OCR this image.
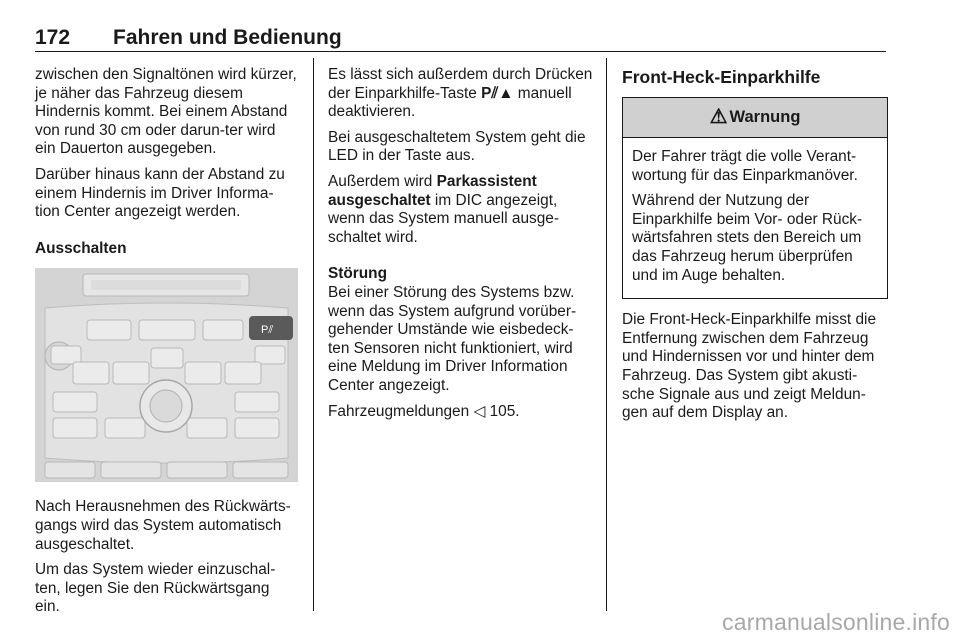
172 Fahren und Bedienung

zwischen den Signaltönen wird kürzer, je näher das Fahrzeug diesem Hindernis kommt. Bei einem Abstand von rund 30 cm oder darun-ter wird ein Dauerton ausgegeben.

Darüber hinaus kann der Abstand zu einem Hindernis im Driver Informa-tion Center angezeigt werden.

Ausschalten

P⫽

Nach Herausnehmen des Rückwärts-gangs wird das System automatisch ausgeschaltet.

Um das System wieder einzuschal-ten, legen Sie den Rückwärtsgang ein.

Es lässt sich außerdem durch Drücken der Einparkhilfe-Taste P⫽▲ manuell deaktivieren.

Bei ausgeschaltetem System geht die LED in der Taste aus.

Außerdem wird Parkassistent ausgeschaltet im DIC angezeigt, wenn das System manuell ausge-schaltet wird.

Störung

Bei einer Störung des Systems bzw. wenn das System aufgrund vorüber-gehender Umstände wie eisbedeck-ten Sensoren nicht funktioniert, wird eine Meldung im Driver Information Center angezeigt.

Fahrzeugmeldungen ◁ 105.

Front-Heck-Einparkhilfe
⚠ Warnung

Der Fahrer trägt die volle Verant-wortung für das Einparkmanöver.

Während der Nutzung der Einparkhilfe beim Vor- oder Rück-wärtsfahren stets den Bereich um das Fahrzeug herum überprüfen und im Auge behalten.

Die Front-Heck-Einparkhilfe misst die Entfernung zwischen dem Fahrzeug und Hindernissen vor und hinter dem Fahrzeug. Das System gibt akusti-sche Signale aus und zeigt Meldun-gen auf dem Display an.

carmanualsonline.info
